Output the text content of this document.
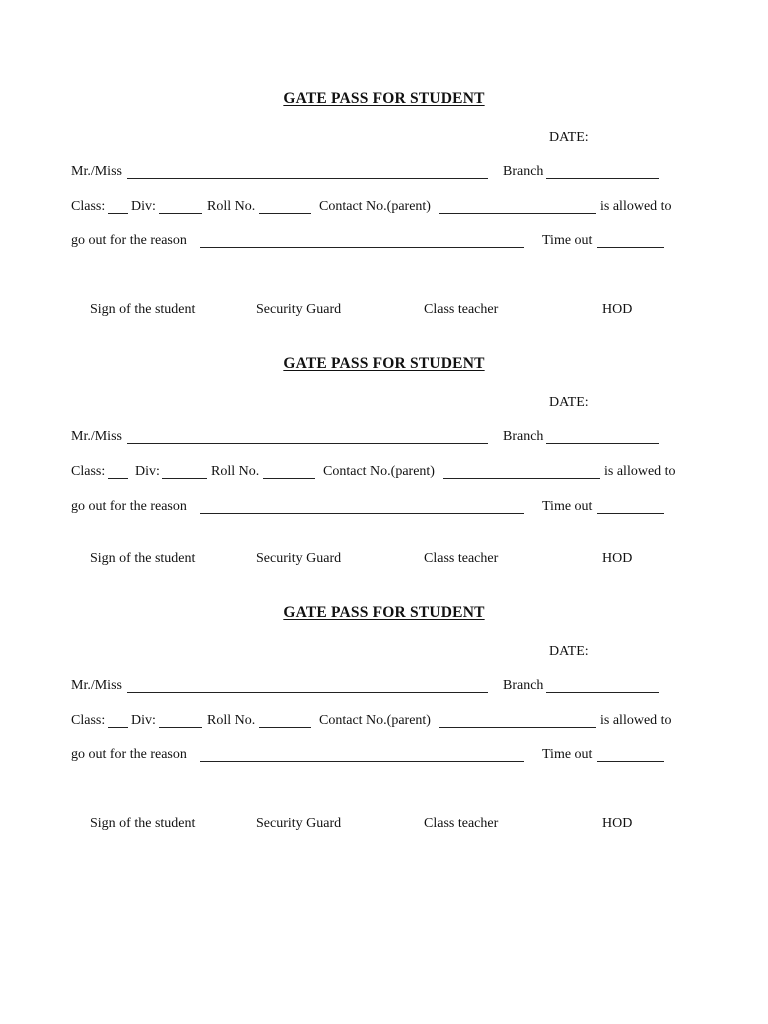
GATE PASS FOR STUDENT
DATE:
Mr./Miss	Branch
Class: Div:	Roll No.	Contact No.(parent)	is allowed to
go out for the reason	Time out
Sign of the student	Security Guard	Class teacher	HOD
GATE PASS FOR STUDENT
DATE:
Mr./Miss	Branch
Class: Div:	Roll No.	Contact No.(parent)	is allowed to
go out for the reason	Time out
Sign of the student	Security Guard	Class teacher	HOD
GATE PASS FOR STUDENT
DATE:
Mr./Miss	Branch
Class: Div:	Roll No.	Contact No.(parent)	is allowed to
go out for the reason	Time out
Sign of the student	Security Guard	Class teacher	HOD
